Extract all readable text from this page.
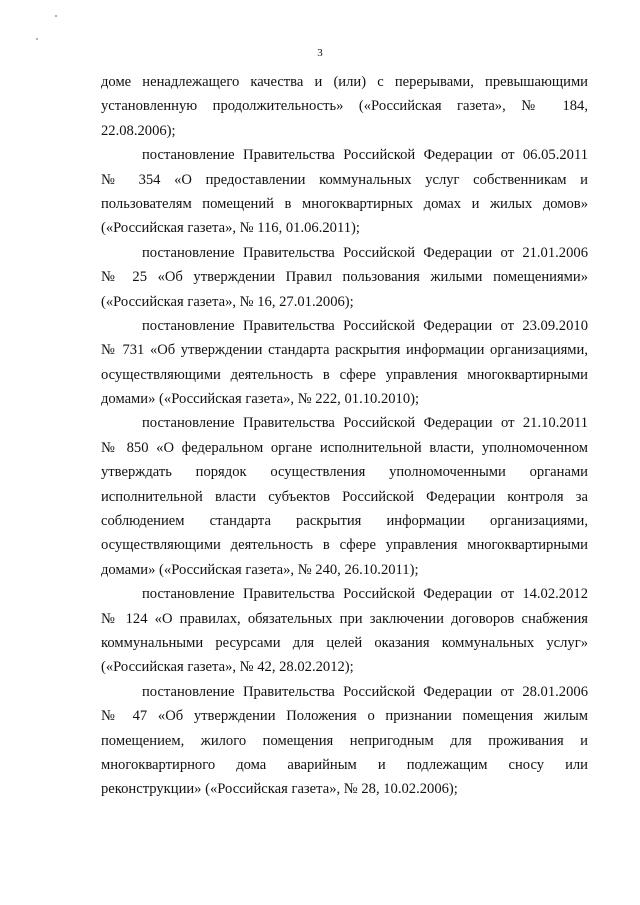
3
доме ненадлежащего качества и (или) с перерывами, превышающими
установленную продолжительность» («Российская газета», № 184,
22.08.2006);
постановление Правительства Российской Федерации от 06.05.2011
№ 354 «О предоставлении коммунальных услуг собственникам и
пользователям помещений в многоквартирных домах и жилых домов»
(«Российская газета», № 116, 01.06.2011);
постановление Правительства Российской Федерации от 21.01.2006
№ 25 «Об утверждении Правил пользования жилыми помещениями»
(«Российская газета», № 16, 27.01.2006);
постановление Правительства Российской Федерации от 23.09.2010
№ 731 «Об утверждении стандарта раскрытия информации организациями,
осуществляющими деятельность в сфере управления многоквартирными
домами» («Российская газета», № 222, 01.10.2010);
постановление Правительства Российской Федерации от 21.10.2011
№ 850 «О федеральном органе исполнительной власти, уполномоченном
утверждать порядок осуществления уполномоченными органами
исполнительной власти субъектов Российской Федерации контроля за
соблюдением стандарта раскрытия информации организациями,
осуществляющими деятельность в сфере управления многоквартирными
домами» («Российская газета», № 240, 26.10.2011);
постановление Правительства Российской Федерации от 14.02.2012
№ 124 «О правилах, обязательных при заключении договоров снабжения
коммунальными ресурсами для целей оказания коммунальных услуг»
(«Российская газета», № 42, 28.02.2012);
постановление Правительства Российской Федерации от 28.01.2006
№ 47 «Об утверждении Положения о признании помещения жилым
помещением, жилого помещения непригодным для проживания и
многоквартирного дома аварийным и подлежащим сносу или
реконструкции» («Российская газета», № 28, 10.02.2006);
